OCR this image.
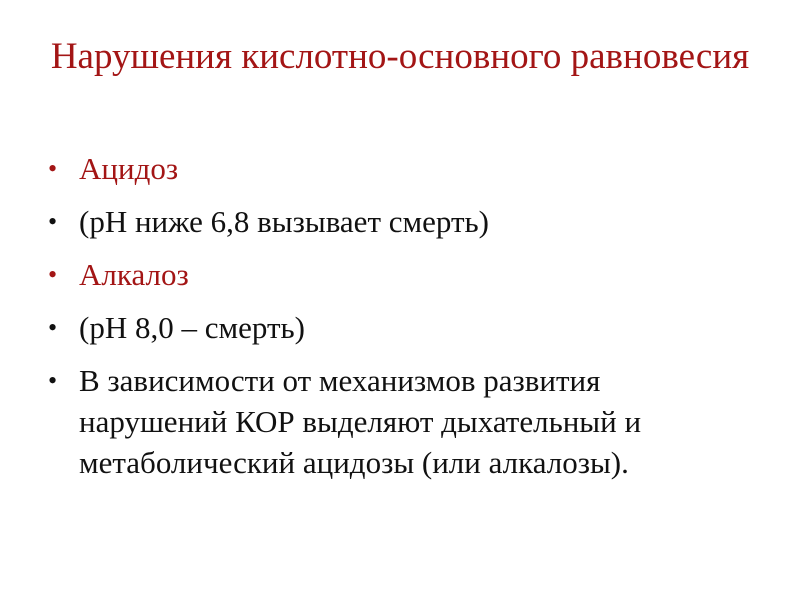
Нарушения кислотно-основного равновесия
• Ацидоз
• (рН ниже 6,8 вызывает смерть)
• Алкалоз
• (рН 8,0 – смерть)
• В зависимости от механизмов развития нарушений КОР выделяют дыхательный и метаболический ацидозы (или алкалозы).
